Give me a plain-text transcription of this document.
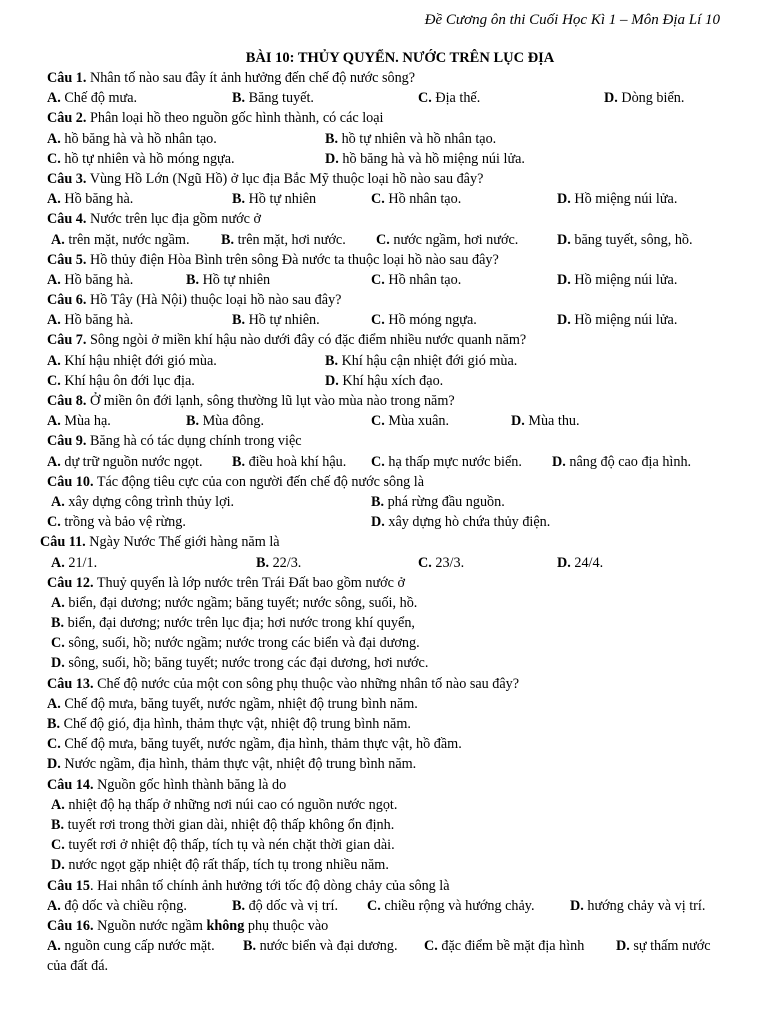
Đề Cương ôn thi Cuối Học Kì 1 – Môn Địa Lí 10
BÀI 10: THỦY QUYỂN. NƯỚC TRÊN LỤC ĐỊA
Câu 1. Nhân tố nào sau đây ít ảnh hưởng đến chế độ nước sông?
A. Chế độ mưa.	B. Băng tuyết.	C. Địa thế.	D. Dòng biển.
Câu 2. Phân loại hồ theo nguồn gốc hình thành, có các loại
A. hồ băng hà và hồ nhân tạo.	B. hồ tự nhiên và hồ nhân tạo.
C. hồ tự nhiên và hồ móng ngựa.	D. hồ băng hà và hồ miệng núi lửa.
Câu 3. Vùng Hồ Lớn (Ngũ Hồ) ở lục địa Bắc Mỹ thuộc loại hồ nào sau đây?
A. Hồ băng hà.	B. Hồ tự nhiên	C. Hồ nhân tạo.	D. Hồ miệng núi lửa.
Câu 4. Nước trên lục địa gồm nước ở
A. trên mặt, nước ngầm. B. trên mặt, hơi nước. C. nước ngầm, hơi nước.	D. băng tuyết, sông, hồ.
Câu 5. Hồ thủy điện Hòa Bình trên sông Đà nước ta thuộc loại hồ nào sau đây?
A. Hồ băng hà.	B. Hồ tự nhiên	C. Hồ nhân tạo.	D. Hồ miệng núi lửa.
Câu 6. Hồ Tây (Hà Nội) thuộc loại hồ nào sau đây?
A. Hồ băng hà.	B. Hồ tự nhiên.	C. Hồ móng ngựa.	D. Hồ miệng núi lửa.
Câu 7. Sông ngòi ở miền khí hậu nào dưới đây có đặc điểm nhiều nước quanh năm?
A. Khí hậu nhiệt đới gió mùa.	B. Khí hậu cận nhiệt đới gió mùa.
C. Khí hậu ôn đới lục địa.	D. Khí hậu xích đạo.
Câu 8. Ở miền ôn đới lạnh, sông thường lũ lụt vào mùa nào trong năm?
A. Mùa hạ.	B. Mùa đông.	C. Mùa xuân.	D. Mùa thu.
Câu 9. Băng hà có tác dụng chính trong việc
A. dự trữ nguồn nước ngọt. B. điều hoà khí hậu. C. hạ thấp mực nước biển. D. nâng độ cao địa hình.
Câu 10. Tác động tiêu cực của con người đến chế độ nước sông là
A. xây dựng công trình thủy lợi.	B. phá rừng đầu nguồn.
C. trồng và bảo vệ rừng.	D. xây dựng hò chứa thủy điện.
Câu 11. Ngày Nước Thế giới hàng năm là
A. 21/1.	B. 22/3.	C. 23/3.	D. 24/4.
Câu 12. Thuỷ quyển là lớp nước trên Trái Đất bao gồm nước ở
A. biển, đại dương; nước ngầm; băng tuyết; nước sông, suối, hồ.
B. biển, đại dương; nước trên lục địa; hơi nước trong khí quyển,
C. sông, suối, hồ; nước ngầm; nước trong các biển và đại dương.
D. sông, suối, hồ; băng tuyết; nước trong các đại dương, hơi nước.
Câu 13. Chế độ nước của một con sông phụ thuộc vào những nhân tố nào sau đây?
A. Chế độ mưa, băng tuyết, nước ngầm, nhiệt độ trung bình năm.
B. Chế độ gió, địa hình, thảm thực vật, nhiệt độ trung bình năm.
C. Chế độ mưa, băng tuyết, nước ngầm, địa hình, thảm thực vật, hồ đầm.
D. Nước ngầm, địa hình, thảm thực vật, nhiệt độ trung bình năm.
Câu 14. Nguồn gốc hình thành băng là do
A. nhiệt độ hạ thấp ở những nơi núi cao có nguồn nước ngọt.
B. tuyết rơi trong thời gian dài, nhiệt độ thấp không ổn định.
C. tuyết rơi ở nhiệt độ thấp, tích tụ và nén chặt thời gian dài.
D. nước ngọt gặp nhiệt độ rất thấp, tích tụ trong nhiều năm.
Câu 15. Hai nhân tố chính ảnh hưởng tới tốc độ dòng chảy của sông là
A. độ dốc và chiều rộng.	B. độ dốc và vị trí. C. chiều rộng và hướng chảy. D. hướng chảy và vị trí.
Câu 16. Nguồn nước ngầm không phụ thuộc vào
A. nguồn cung cấp nước mặt. B. nước biển và đại dương. C. đặc điểm bề mặt địa hình D. sự thấm nước
của đất đá.
